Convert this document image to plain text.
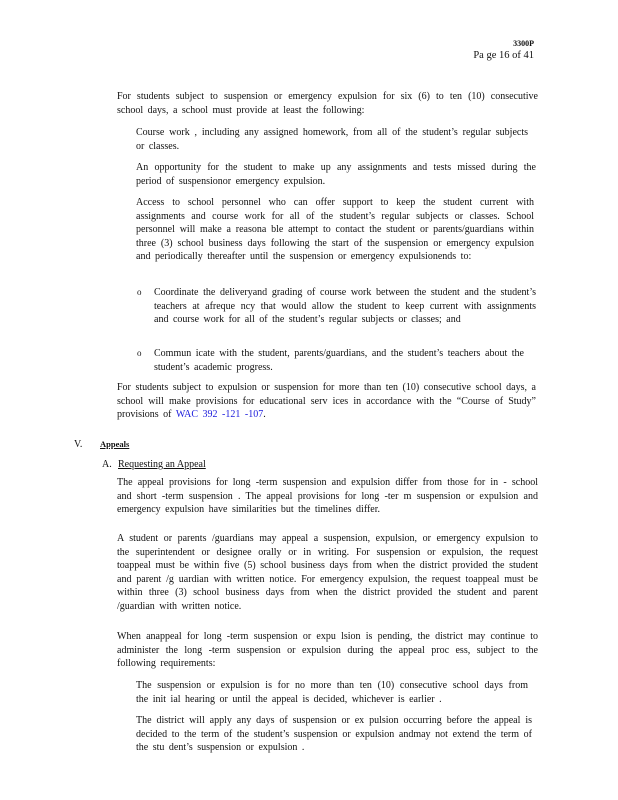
3300P
Pa ge 16 of 41
For students subject to suspension or emergency expulsion for six (6) to ten (10) consecutive school days, a school must provide at least the following:
Course work , including any assigned homework, from all of the student’s regular subjects or classes.
An opportunity for the student to make up any assignments and tests missed during the period of suspensionor emergency expulsion.
Access to school personnel who can offer support to keep the student current with assignments and course work for all of the student’s regular subjects or classes. School personnel will make a reasona ble attempt to contact the student or parents/guardians within three (3) school business days following the start of the suspension or emergency expulsion and periodically thereafter until the suspension or emergency expulsionends to:
o Coordinate the deliveryand grading of course work between the student and the student’s teachers at afreque ncy that would allow the student to keep current with assignments and course work for all of the student’s regular subjects or classes; and
o Commun icate with the student, parents/guardians, and the student’s teachers about the student’s academic progress.
For students subject to expulsion or suspension for more than ten (10) consecutive school days, a school will make provisions for educational serv ices in accordance with the “Course of Study” provisions of WAC 392 -121 -107.
V. Appeals
A. Requesting an Appeal
The appeal provisions for long -term suspension and expulsion differ from those for in - school and short -term suspension . The appeal provisions for long -ter m suspension or expulsion and emergency expulsion have similarities but the timelines differ.
A student or parents /guardians may appeal a suspension, expulsion, or emergency expulsion to the superintendent or designee orally or in writing. For suspension or expulsion, the request toappeal must be within five (5) school business days from when the district provided the student and parent /g uardian with written notice. For emergency expulsion, the request toappeal must be within three (3) school business days from when the district provided the student and parent /guardian with written notice.
When anappeal for long -term suspension or expu lsion is pending, the district may continue to administer the long -term suspension or expulsion during the appeal proc ess, subject to the following requirements:
The suspension or expulsion is for no more than ten (10) consecutive school days from the init ial hearing or until the appeal is decided, whichever is earlier .
The district will apply any days of suspension or ex pulsion occurring before the appeal is decided to the term of the student’s suspension or expulsion andmay not extend the term of the stu dent’s suspension or expulsion .
